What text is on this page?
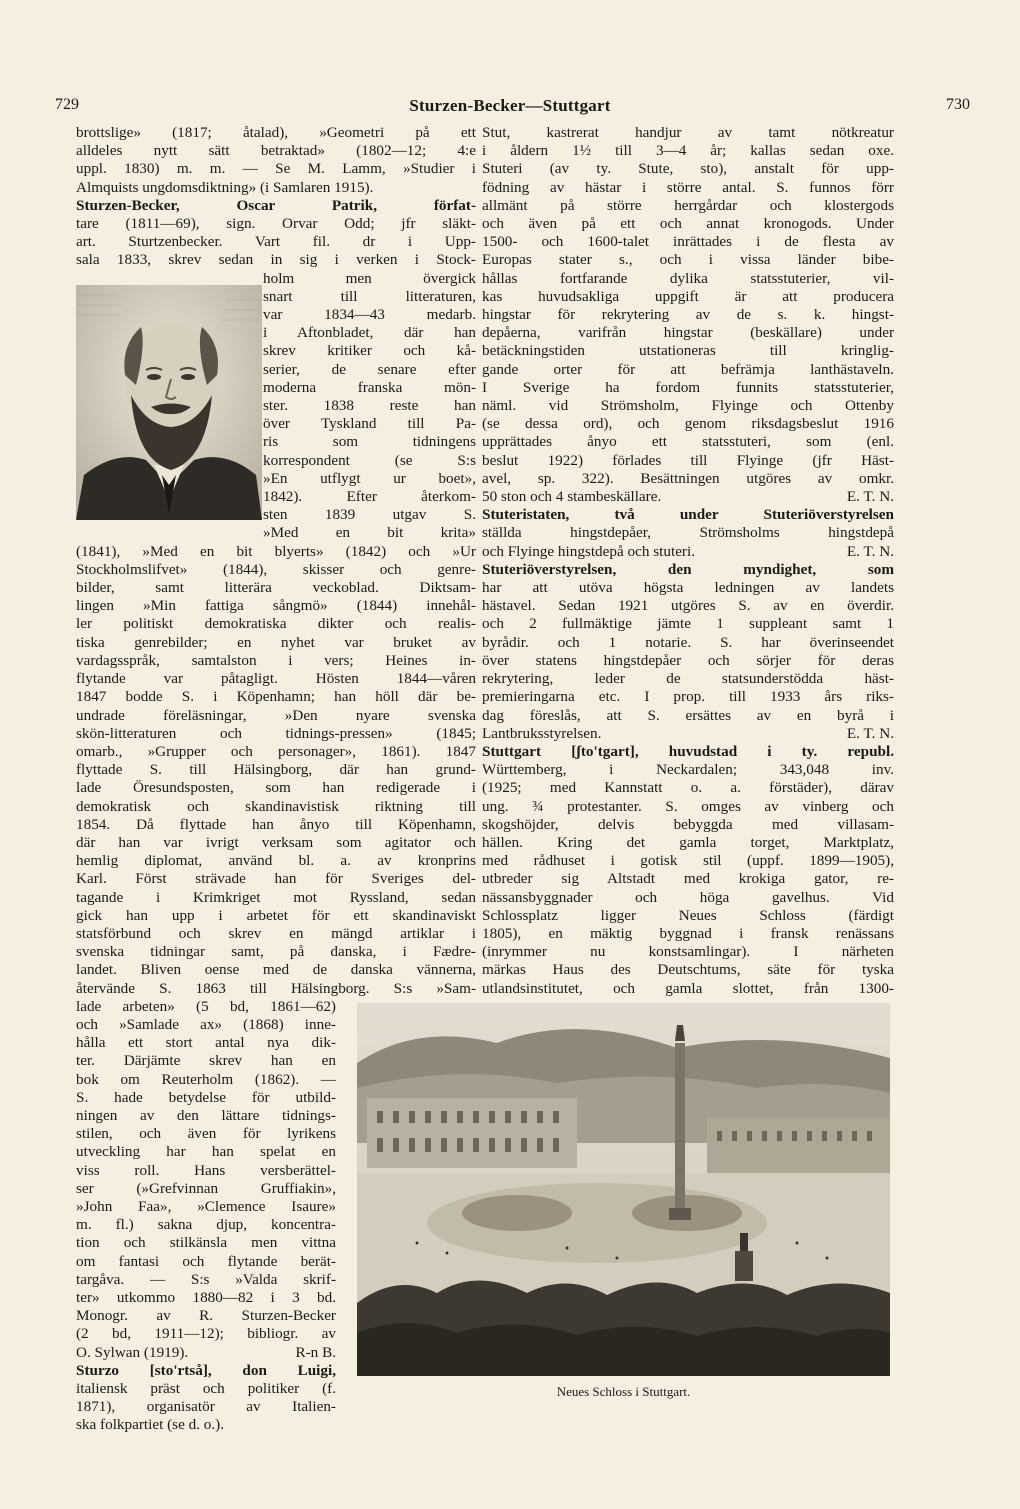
729	Sturzen-Becker—Stuttgart	730
brottslige» (1817; åtalad), »Geometri på ett
alldeles nytt sätt betraktad» (1802—12; 4:e
uppl. 1830) m. m. — Se M. Lamm, »Studier i
Almquists ungdomsdiktning» (i Samlaren 1915).
Sturzen-Becker, Oscar Patrik, förfat-
tare (1811—69), sign. Orvar Odd; jfr släkt-
art. Sturtzenbecker. Vart fil. dr i Upp-
sala 1833, skrev sedan in sig i verken i Stock-
holm men övergick
snart till litteraturen,
var 1834—43 medarb.
i Aftonbladet, där han
skrev kritiker och kå-
serier, de senare efter
moderna franska mön-
ster. 1838 reste han
över Tyskland till Pa-
ris som tidningens
korrespondent (se S:s
»En utflygt ur boet»,
1842). Efter återkom-
sten 1839 utgav S.
»Med en bit krita»
(1841), »Med en bit blyerts» (1842) och »Ur
Stockholmslifvet» (1844), skisser och genre-
bilder, samt litterära veckoblad. Diktsam-
lingen »Min fattiga sångmö» (1844) innehål-
ler politiskt demokratiska dikter och realis-
tiska genrebilder; en nyhet var bruket av
vardagsspråk, samtalston i vers; Heines in-
flytande var påtagligt. Hösten 1844—våren
1847 bodde S. i Köpenhamn; han höll där be-
undrade föreläsningar, »Den nyare svenska
skön-litteraturen och tidnings-pressen» (1845;
omarb., »Grupper och personager», 1861). 1847
flyttade S. till Hälsingborg, där han grund-
lade Öresundsposten, som han redigerade i
demokratisk och skandinavistisk riktning till
1854. Då flyttade han ånyo till Köpenhamn,
där han var ivrigt verksam som agitator och
hemlig diplomat, använd bl. a. av kronprins
Karl. Först strävade han för Sveriges del-
tagande i Krimkriget mot Ryssland, sedan
gick han upp i arbetet för ett skandinaviskt
statsförbund och skrev en mängd artiklar i
svenska tidningar samt, på danska, i Fædre-
landet. Bliven oense med de danska vännerna,
återvände S. 1863 till Hälsingborg. S:s »Sam-
lade arbeten» (5 bd, 1861—62)
och »Samlade ax» (1868) inne-
hålla ett stort antal nya dik-
ter. Därjämte skrev han en
bok om Reuterholm (1862). —
S. hade betydelse för utbild-
ningen av den lättare tidnings-
stilen, och även för lyrikens
utveckling har han spelat en
viss roll. Hans versberättel-
ser (»Grefvinnan Gruffiakin»,
»John Faa», »Clemence Isaure»
m. fl.) sakna djup, koncentra-
tion och stilkänsla men vittna
om fantasi och flytande berät-
targåva. — S:s »Valda skrif-
ter» utkommo 1880—82 i 3 bd.
Monogr. av R. Sturzen-Becker
(2 bd, 1911—12); bibliogr. av
O. Sylwan (1919).	R-n B.
Sturzo [sto'rtså], don Luigi,
italiensk präst och politiker (f.
1871), organisatör av Italien-
ska folkpartiet (se d. o.).
Stut, kastrerat handjur av tamt nötkreatur
i åldern 1½ till 3—4 år; kallas sedan oxe.
Stuteri (av ty. Stute, sto), anstalt för upp-
födning av hästar i större antal. S. funnos förr
allmänt på större herrgårdar och klostergods
och även på ett och annat kronogods. Under
1500- och 1600-talet inrättades i de flesta av
Europas stater s., och i vissa länder bibe-
hållas fortfarande dylika statsstuterier, vil-
kas huvudsakliga uppgift är att producera
hingstar för rekrytering av de s. k. hingst-
depåerna, varifrån hingstar (beskällare) under
betäckningstiden utstationeras till kringlig-
gande orter för att befrämja lanthästaveln.
I Sverige ha fordom funnits statsstuterier,
näml. vid Strömsholm, Flyinge och Ottenby
(se dessa ord), och genom riksdagsbeslut 1916
upprättades ånyo ett statsstuteri, som (enl.
beslut 1922) förlades till Flyinge (jfr Häst-
avel, sp. 322). Besättningen utgöres av omkr.
50 ston och 4 stambeskällare.	E. T. N.
Stuteristaten, två under Stuteriöverstyrelsen
ställda hingstdepåer, Strömsholms hingstdepå
och Flyinge hingstdepå och stuteri.	E. T. N.
Stuteriöverstyrelsen, den myndighet, som
har att utöva högsta ledningen av landets
hästavel. Sedan 1921 utgöres S. av en överdir.
och 2 fullmäktige jämte 1 suppleant samt 1
byrådir. och 1 notarie. S. har överinseendet
över statens hingstdepåer och sörjer för deras
rekrytering, leder de statsunderstödda häst-
premieringarna etc. I prop. till 1933 års riks-
dag föreslås, att S. ersättes av en byrå i
Lantbruksstyrelsen.	E. T. N.
Stuttgart [ʃto'tgart], huvudstad i ty. republ.
Württemberg, i Neckardalen; 343,048 inv.
(1925; med Kannstatt o. a. förstäder), därav
ung. ¾ protestanter. S. omges av vinberg och
skogshöjder, delvis bebyggda med villasam-
hällen. Kring det gamla torget, Marktplatz,
med rådhuset i gotisk stil (uppf. 1899—1905),
utbreder sig Altstadt med krokiga gator, re-
nässansbyggnader och höga gavelhus. Vid
Schlossplatz ligger Neues Schloss (färdigt
1805), en mäktig byggnad i fransk renässans
(inrymmer nu konstsamlingar). I närheten
märkas Haus des Deutschtums, säte för tyska
utlandsinstitutet, och gamla slottet, från 1300-
Neues Schloss i Stuttgart.
